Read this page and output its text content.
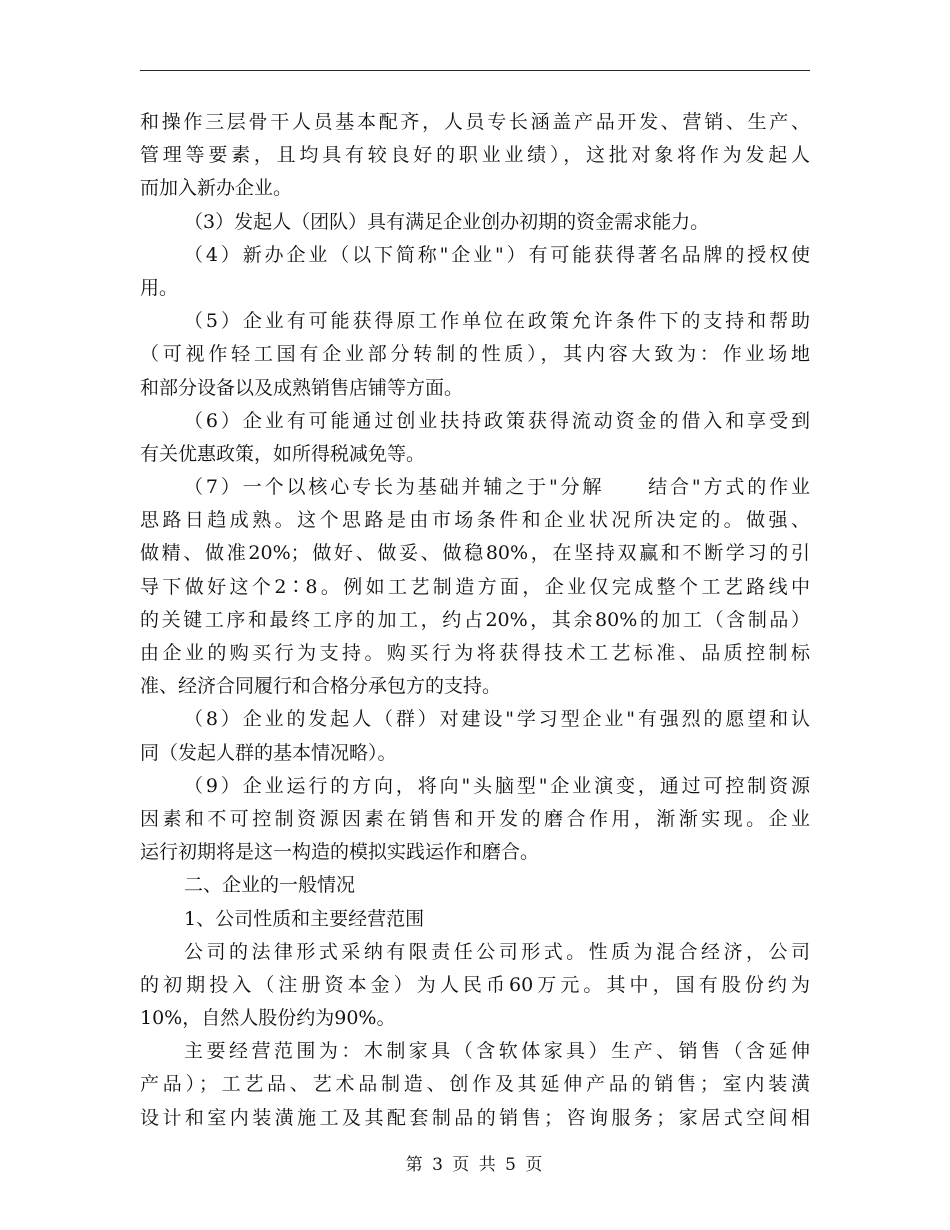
和操作三层骨干人员基本配齐，人员专长涵盖产品开发、营销、生产、
管理等要素，且均具有较良好的职业业绩），这批对象将作为发起人
而加入新办企业。
（3）发起人（团队）具有满足企业创办初期的资金需求能力。
（4）新办企业（以下简称"企业"）有可能获得著名品牌的授权使
用。
（5）企业有可能获得原工作单位在政策允许条件下的支持和帮助
（可视作轻工国有企业部分转制的性质），其内容大致为：作业场地
和部分设备以及成熟销售店铺等方面。
（6）企业有可能通过创业扶持政策获得流动资金的借入和享受到
有关优惠政策，如所得税减免等。
（7）一个以核心专长为基础并辅之于"分解　　结合"方式的作业
思路日趋成熟。这个思路是由市场条件和企业状况所决定的。做强、
做精、做准20%；做好、做妥、做稳80%，在坚持双赢和不断学习的引
导下做好这个2∶8。例如工艺制造方面，企业仅完成整个工艺路线中
的关键工序和最终工序的加工，约占20%，其余80%的加工（含制品）
由企业的购买行为支持。购买行为将获得技术工艺标准、品质控制标
准、经济合同履行和合格分承包方的支持。
（8）企业的发起人（群）对建设"学习型企业"有强烈的愿望和认
同（发起人群的基本情况略）。
（9）企业运行的方向，将向"头脑型"企业演变，通过可控制资源
因素和不可控制资源因素在销售和开发的磨合作用，渐渐实现。企业
运行初期将是这一构造的模拟实践运作和磨合。
二、企业的一般情况
1、公司性质和主要经营范围
公司的法律形式采纳有限责任公司形式。性质为混合经济，公司
的初期投入（注册资本金）为人民币60万元。其中，国有股份约为
10%，自然人股份约为90%。
主要经营范围为：木制家具（含软体家具）生产、销售（含延伸
产品）；工艺品、艺术品制造、创作及其延伸产品的销售；室内装潢
设计和室内装潢施工及其配套制品的销售；咨询服务；家居式空间相
第 3 页 共 5 页
